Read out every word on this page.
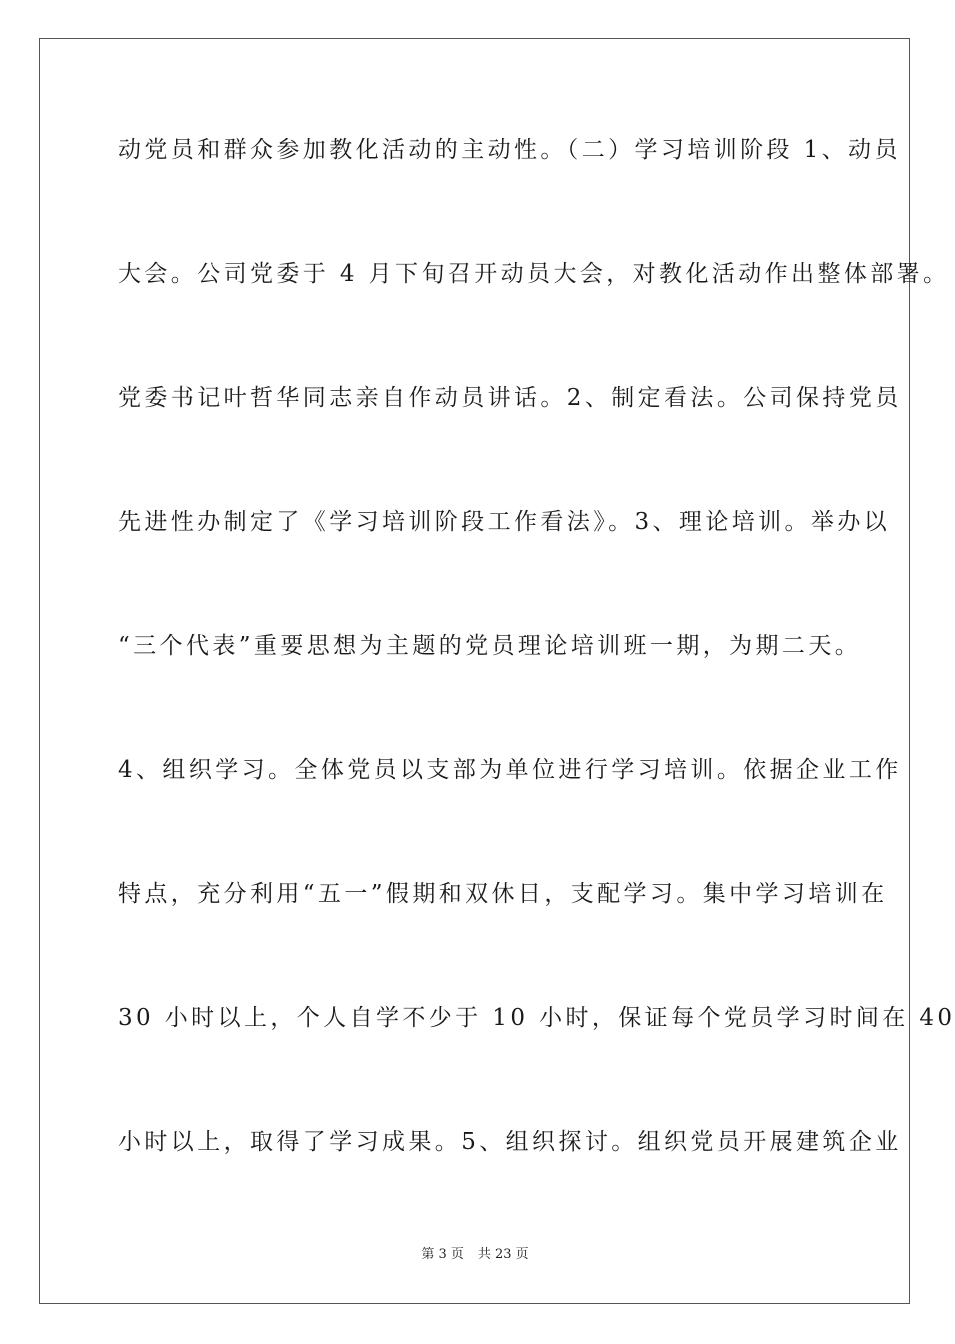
动党员和群众参加教化活动的主动性。（二）学习培训阶段 1、动员
大会。公司党委于 4 月下旬召开动员大会，对教化活动作出整体部署。
党委书记叶哲华同志亲自作动员讲话。2、制定看法。公司保持党员
先进性办制定了《学习培训阶段工作看法》。3、理论培训。举办以
“三个代表”重要思想为主题的党员理论培训班一期，为期二天。
4、组织学习。全体党员以支部为单位进行学习培训。依据企业工作
特点，充分利用“五一”假期和双休日，支配学习。集中学习培训在
30 小时以上，个人自学不少于 10 小时，保证每个党员学习时间在 40
小时以上，取得了学习成果。5、组织探讨。组织党员开展建筑企业
第 3 页 共 23 页
